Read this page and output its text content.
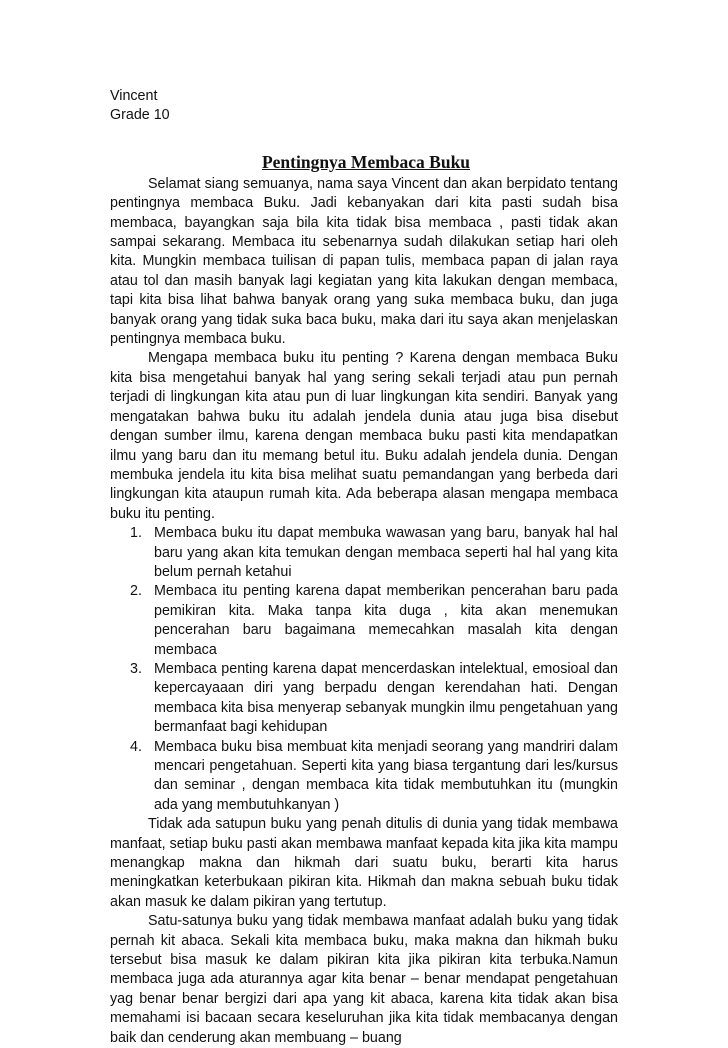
Vincent
Grade 10
Pentingnya Membaca Buku

Selamat siang semuanya, nama saya Vincent dan akan berpidato tentang pentingnya membaca Buku. Jadi kebanyakan dari kita pasti sudah bisa membaca, bayangkan saja bila kita tidak bisa membaca , pasti tidak akan sampai sekarang. Membaca itu sebenarnya sudah dilakukan setiap hari oleh kita. Mungkin membaca tuilisan di papan tulis, membaca papan di jalan raya atau tol dan masih banyak lagi kegiatan yang kita lakukan dengan membaca, tapi kita bisa lihat bahwa banyak orang yang suka membaca buku, dan juga banyak orang yang tidak suka baca buku, maka dari itu saya akan menjelaskan pentingnya membaca buku.

Mengapa membaca buku itu penting ? Karena dengan membaca Buku kita bisa mengetahui banyak hal yang sering sekali terjadi atau pun pernah terjadi di lingkungan kita atau pun di luar lingkungan kita sendiri. Banyak yang mengatakan bahwa buku itu adalah jendela dunia atau juga bisa disebut dengan sumber ilmu, karena dengan membaca buku pasti kita mendapatkan ilmu yang baru dan itu memang betul itu. Buku adalah jendela dunia. Dengan membuka jendela itu kita bisa melihat suatu pemandangan yang berbeda dari lingkungan kita ataupun rumah kita. Ada beberapa alasan mengapa membaca buku itu penting.

1. Membaca buku itu dapat membuka wawasan yang baru, banyak hal hal baru yang akan kita temukan dengan membaca seperti hal hal yang kita belum pernah ketahui
2. Membaca itu penting karena dapat memberikan pencerahan baru pada pemikiran kita. Maka tanpa kita duga , kita akan menemukan pencerahan baru bagaimana memecahkan masalah kita dengan membaca
3. Membaca penting karena dapat mencerdaskan intelektual, emosioal dan kepercayaaan diri yang berpadu dengan kerendahan hati. Dengan membaca kita bisa menyerap sebanyak mungkin ilmu pengetahuan yang bermanfaat bagi kehidupan
4. Membaca buku bisa membuat kita menjadi seorang yang mandriri dalam mencari pengetahuan. Seperti kita yang biasa tergantung dari les/kursus dan seminar , dengan membaca kita tidak membutuhkan itu (mungkin ada yang membutuhkanyan )

Tidak ada satupun buku yang penah ditulis di dunia yang tidak membawa manfaat, setiap buku pasti akan membawa manfaat kepada kita jika kita mampu menangkap makna dan hikmah dari suatu buku, berarti kita harus meningkatkan keterbukaan pikiran kita. Hikmah dan makna sebuah buku tidak akan masuk ke dalam pikiran yang tertutup.

Satu-satunya buku yang tidak membawa manfaat adalah buku yang tidak pernah kit abaca. Sekali kita membaca buku, maka makna dan hikmah buku tersebut bisa masuk ke dalam pikiran kita jika pikiran kita terbuka.Namun membaca juga ada aturannya agar kita benar – benar mendapat pengetahuan yag benar benar bergizi dari apa yang kit abaca, karena kita tidak akan bisa memahami isi bacaan secara keseluruhan jika kita tidak membacanya dengan baik dan cenderung akan membuang – buang
